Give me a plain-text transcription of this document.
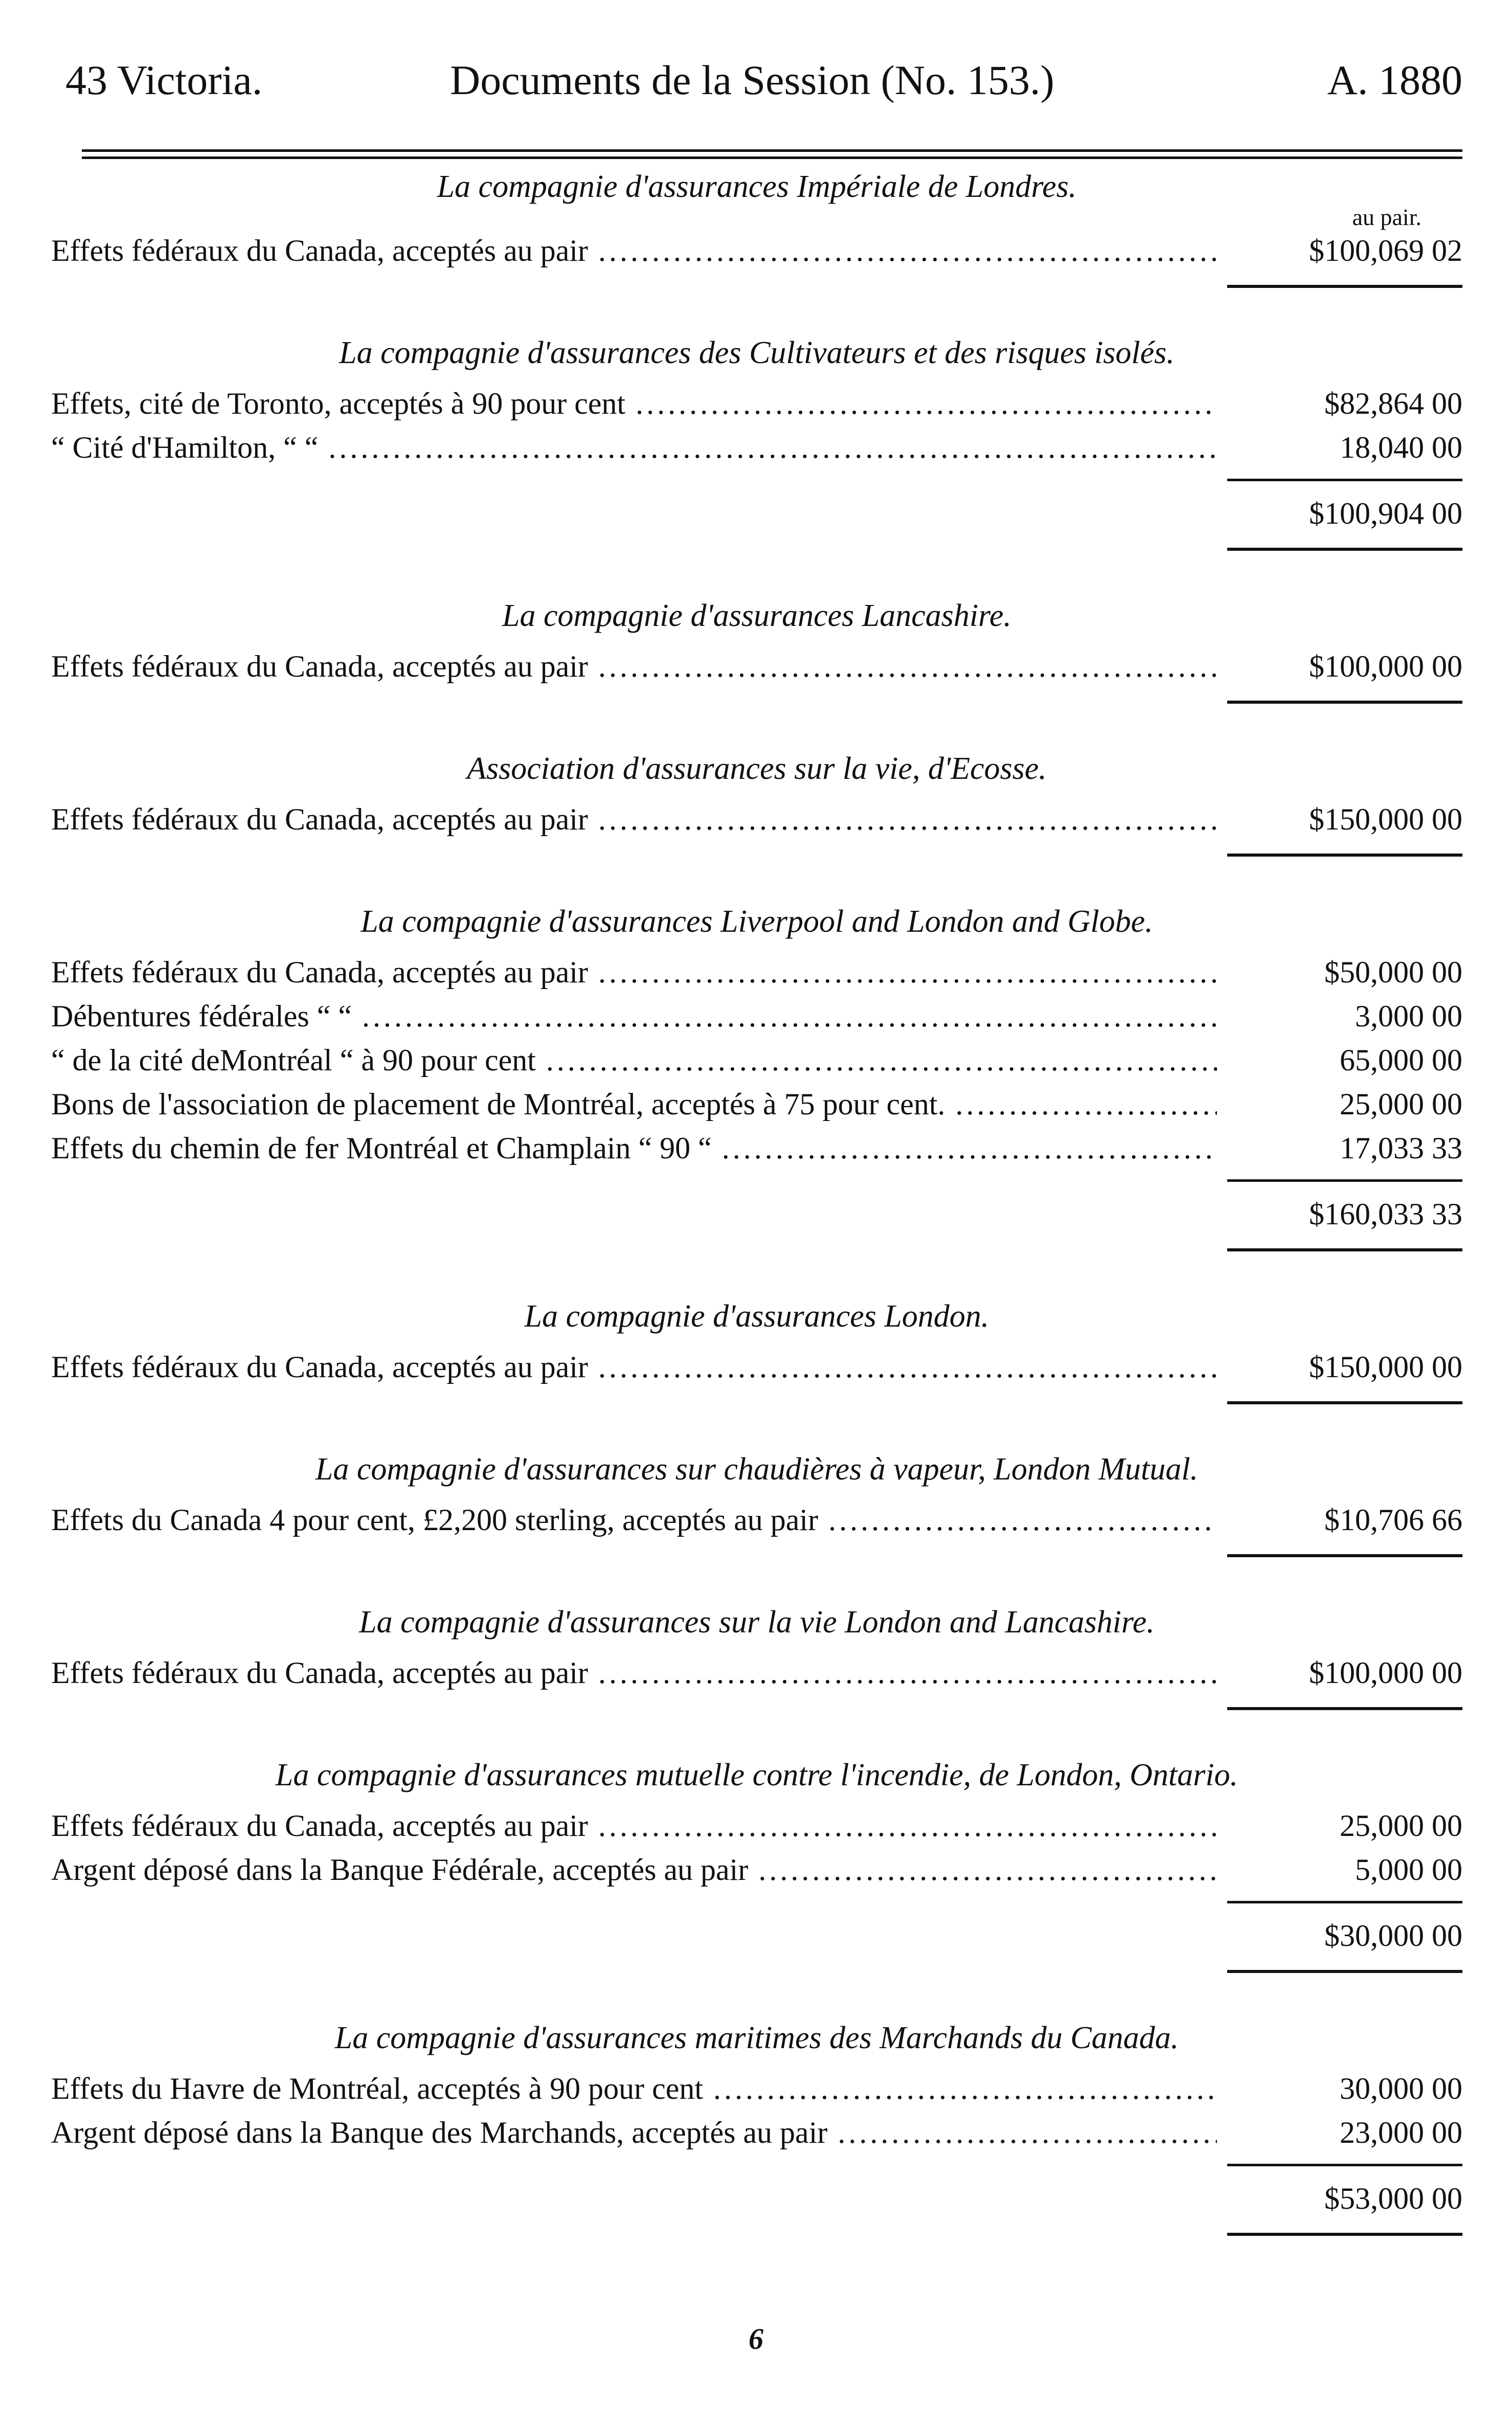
43 Victoria.	Documents de la Session (No. 153.)	A. 1880
La compagnie d'assurances Impériale de Londres.
au pair.
Effets fédéraux du Canada, acceptés au pair .....	$100,069 02
La compagnie d'assurances des Cultivateurs et des risques isolés.
Effets, cité de Toronto, acceptés à 90 pour cent .....	$82,864 00
“ Cité d'Hamilton, “ “ .....	18,040 00
$100,904 00
La compagnie d'assurances Lancashire.
Effets fédéraux du Canada, acceptés au pair .....	$100,000 00
Association d'assurances sur la vie, d'Ecosse.
Effets fédéraux du Canada, acceptés au pair .....	$150,000 00
La compagnie d'assurances Liverpool and London and Globe.
Effets fédéraux du Canada, acceptés au pair .....	$50,000 00
Débentures fédérales “ “ .....	3,000 00
“ de la cité deMontréal “ à 90 pour cent .....	65,000 00
Bons de l'association de placement de Montréal, acceptés à 75 pour cent. .....	25,000 00
Effets du chemin de fer Montréal et Champlain “ 90 “ .....	17,033 33
$160,033 33
La compagnie d'assurances London.
Effets fédéraux du Canada, acceptés au pair .....	$150,000 00
La compagnie d'assurances sur chaudières à vapeur, London Mutual.
Effets du Canada 4 pour cent, £2,200 sterling, acceptés au pair .....	$10,706 66
La compagnie d'assurances sur la vie London and Lancashire.
Effets fédéraux du Canada, acceptés au pair .....	$100,000 00
La compagnie d'assurances mutuelle contre l'incendie, de London, Ontario.
Effets fédéraux du Canada, acceptés au pair .....	25,000 00
Argent déposé dans la Banque Fédérale, acceptés au pair .....	5,000 00
$30,000 00
La compagnie d'assurances maritimes des Marchands du Canada.
Effets du Havre de Montréal, acceptés à 90 pour cent .....	30,000 00
Argent déposé dans la Banque des Marchands, acceptés au pair .....	23,000 00
$53,000 00
6
